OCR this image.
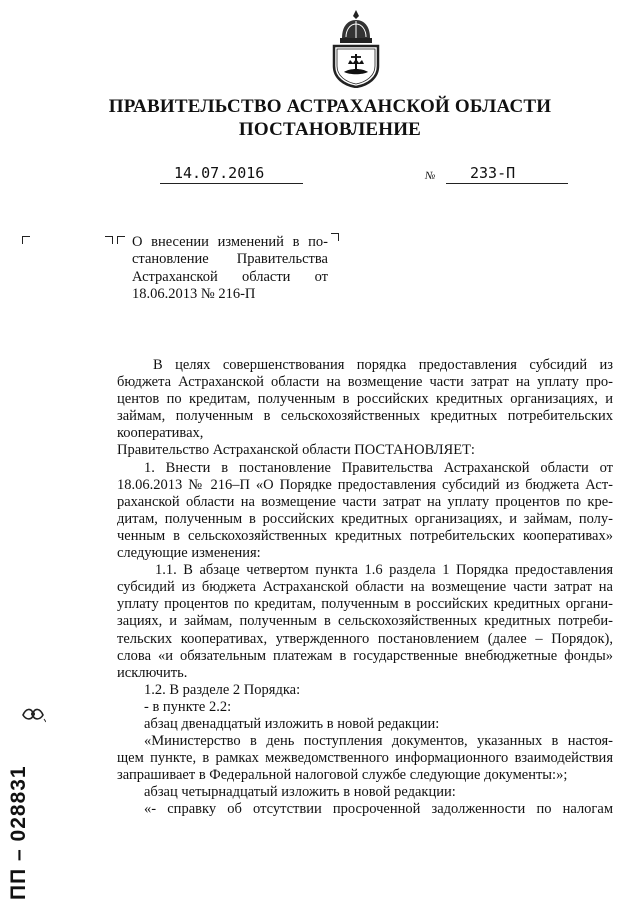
ПРАВИТЕЛЬСТВО АСТРАХАНСКОЙ ОБЛАСТИ
ПОСТАНОВЛЕНИЕ
14.07.2016	№	233-П
О внесении изменений в по-
становление Правительства
Астраханской области от
18.06.2013 № 216-П
В целях совершенствования порядка предоставления субсидий из
бюджета Астраханской области на возмещение части затрат на уплату про-
центов по кредитам, полученным в российских кредитных организациях, и
займам, полученным в сельскохозяйственных кредитных потребительских
кооперативах,
Правительство Астраханской области ПОСТАНОВЛЯЕТ:
1. Внести в постановление Правительства Астраханской области от
18.06.2013 № 216–П «О Порядке предоставления субсидий из бюджета Аст-
раханской области на возмещение части затрат на уплату процентов по кре-
дитам, полученным в российских кредитных организациях, и займам, полу-
ченным в сельскохозяйственных кредитных потребительских кооперативах»
следующие изменения:
1.1. В абзаце четвертом пункта 1.6 раздела 1 Порядка предоставления
субсидий из бюджета Астраханской области на возмещение части затрат на
уплату процентов по кредитам, полученным в российских кредитных органи-
зациях, и займам, полученным в сельскохозяйственных кредитных потреби-
тельских кооперативах, утвержденного постановлением (далее – Порядок),
слова «и обязательным платежам в государственные внебюджетные фонды»
исключить.
1.2. В разделе 2 Порядка:
- в пункте 2.2:
абзац двенадцатый изложить в новой редакции:
«Министерство в день поступления документов, указанных в настоя-
щем пункте, в рамках межведомственного информационного взаимодействия
запрашивает в Федеральной налоговой службе следующие документы:»;
абзац четырнадцатый изложить в новой редакции:
«- справку об отсутствии просроченной задолженности по налогам
ПП – 028831
